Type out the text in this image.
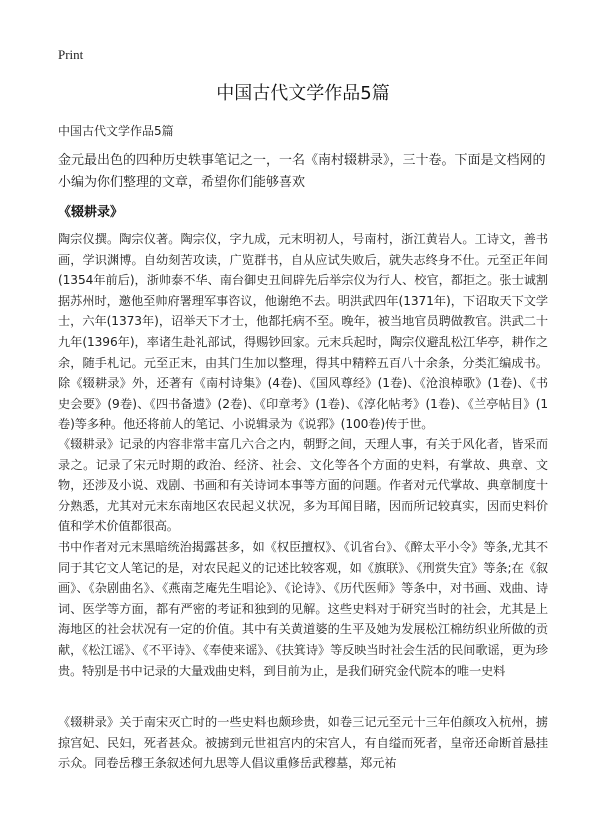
Print
中国古代文学作品5篇
中国古代文学作品5篇
金元最出色的四种历史轶事笔记之一，一名《南村辍耕录》，三十卷。下面是文档网的小编为你们整理的文章，希望你们能够喜欢
《辍耕录》
陶宗仪撰。陶宗仪著。陶宗仪，字九成，元末明初人，号南村，浙江黄岩人。工诗文，善书画，学识渊博。自幼刻苦攻读，广览群书，自从应试失败后，就失志终身不仕。元至正年间(1354年前后)，浙帅泰不华、南台御史丑间辟先后举宗仪为行人、校官，都拒之。张士诚割据苏州时，邀他至帅府署理军事咨议，他谢绝不去。明洪武四年(1371年)，下诏取天下文学士，六年(1373年)，诏举天下才士，他都托病不至。晚年，被当地官员聘做教官。洪武二十九年(1396年)，率诸生赴礼部试，得赐钞回家。元末兵起时，陶宗仪避乱松江华亭，耕作之余，随手札记。元至正末，由其门生加以整理，得其中精粹五百八十余条，分类汇编成书。除《辍耕录》外，还著有《南村诗集》(4卷)、《国风尊经》(1卷)、《沧浪棹歌》(1卷)、《书史会要》(9卷)、《四书备遗》(2卷)、《印章考》(1卷)、《淳化帖考》(1卷)、《兰亭帖目》(1卷)等多种。他还将前人的笔记、小说辑录为《说郛》(100卷)传于世。
《辍耕录》记录的内容非常丰富几六合之内，朝野之间，天理人事，有关于风化者，皆采而录之。记录了宋元时期的政治、经济、社会、文化等各个方面的史料，有掌故、典章、文物，还涉及小说、戏剧、书画和有关诗词本事等方面的问题。作者对元代掌故、典章制度十分熟悉，尤其对元末东南地区农民起义状况，多为耳闻目睹，因而所记较真实，因而史料价值和学术价值都很高。
书中作者对元末黑暗统治揭露甚多，如《权臣擅权》、《讥省台》、《醉太平小令》等条,尤其不同于其它文人笔记的是，对农民起义的记述比较客观，如《旗联》、《刑赏失宜》等条;在《叙画》、《杂剧曲名》、《燕南芝庵先生唱论》、《论诗》、《历代医师》等条中，对书画、戏曲、诗词、医学等方面，都有严密的考证和独到的见解。这些史料对于研究当时的社会，尤其是上海地区的社会状况有一定的价值。其中有关黄道婆的生平及她为发展松江棉纺织业所做的贡献，《松江谣》、《不平诗》、《奉使来谣》、《扶箕诗》等反映当时社会生活的民间歌谣，更为珍贵。特别是书中记录的大量戏曲史料，到目前为止，是我们研究金代院本的唯一史料
《辍耕录》关于南宋灭亡时的一些史料也颇珍贵，如卷三记元至元十三年伯颜攻入杭州，掳掠宫妃、民妇，死者甚众。被掳到元世祖宫内的宋宫人，有自缢而死者，皇帝还命断首悬挂示众。同卷岳穆王条叙述何九思等人倡议重修岳武穆墓，郑元祐
